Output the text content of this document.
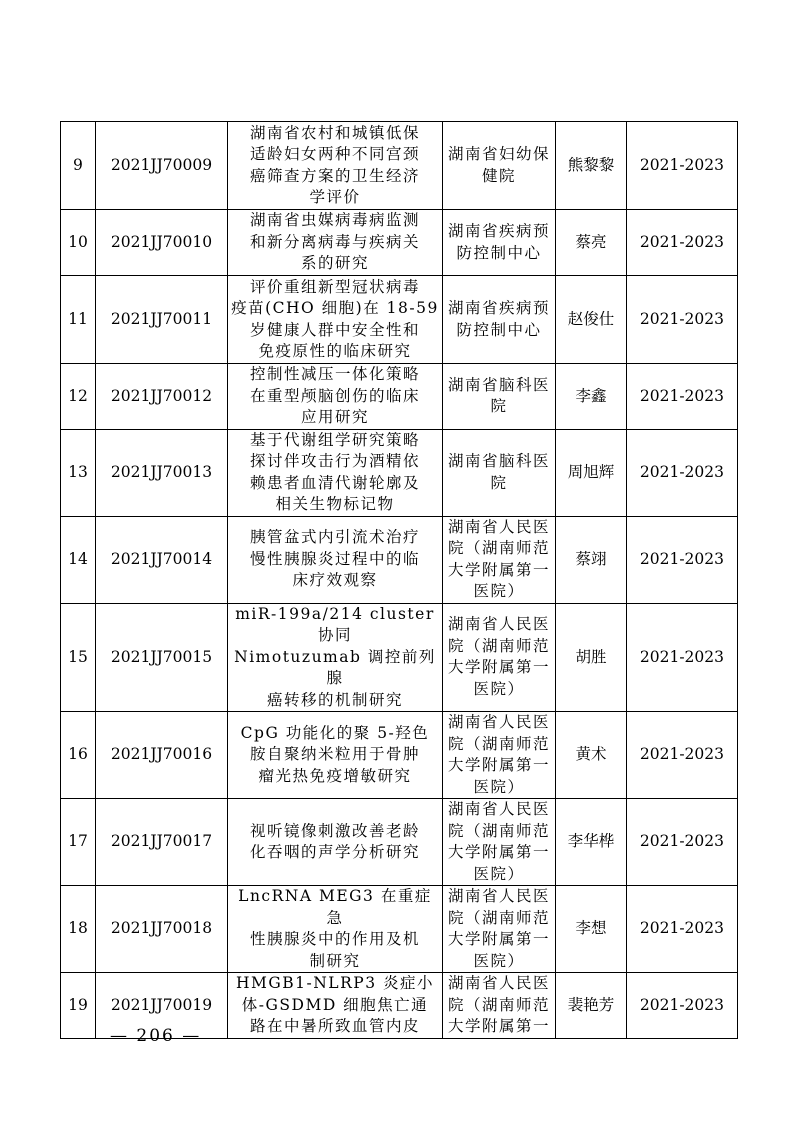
9	2021JJ70009	湖南省农村和城镇低保
适龄妇女两种不同宫颈
癌筛查方案的卫生经济
学评价	湖南省妇幼保
健院	熊黎黎	2021-2023
10	2021JJ70010	湖南省虫媒病毒病监测
和新分离病毒与疾病关
系的研究	湖南省疾病预
防控制中心	蔡亮	2021-2023
11	2021JJ70011	评价重组新型冠状病毒
疫苗(CHO 细胞)在 18-59
岁健康人群中安全性和
免疫原性的临床研究	湖南省疾病预
防控制中心	赵俊仕	2021-2023
12	2021JJ70012	控制性减压一体化策略
在重型颅脑创伤的临床
应用研究	湖南省脑科医院	李鑫	2021-2023
13	2021JJ70013	基于代谢组学研究策略
探讨伴攻击行为酒精依
赖患者血清代谢轮廓及
相关生物标记物	湖南省脑科医院	周旭辉	2021-2023
14	2021JJ70014	胰管盆式内引流术治疗
慢性胰腺炎过程中的临
床疗效观察	湖南省人民医
院（湖南师范
大学附属第一
医院）	蔡翊	2021-2023
15	2021JJ70015	miR-199a/214 cluster 协同
Nimotuzumab 调控前列腺
癌转移的机制研究	湖南省人民医
院（湖南师范
大学附属第一
医院）	胡胜	2021-2023
16	2021JJ70016	CpG 功能化的聚 5-羟色
胺自聚纳米粒用于骨肿
瘤光热免疫增敏研究	湖南省人民医
院（湖南师范
大学附属第一
医院）	黄术	2021-2023
17	2021JJ70017	视听镜像刺激改善老龄
化吞咽的声学分析研究	湖南省人民医
院（湖南师范
大学附属第一
医院）	李华桦	2021-2023
18	2021JJ70018	LncRNA MEG3 在重症急
性胰腺炎中的作用及机
制研究	湖南省人民医
院（湖南师范
大学附属第一
医院）	李想	2021-2023
19	2021JJ70019	HMGB1-NLRP3 炎症小
体-GSDMD 细胞焦亡通
路在中暑所致血管内皮	湖南省人民医
院（湖南师范
大学附属第一	裴艳芳	2021-2023
— 206 —
